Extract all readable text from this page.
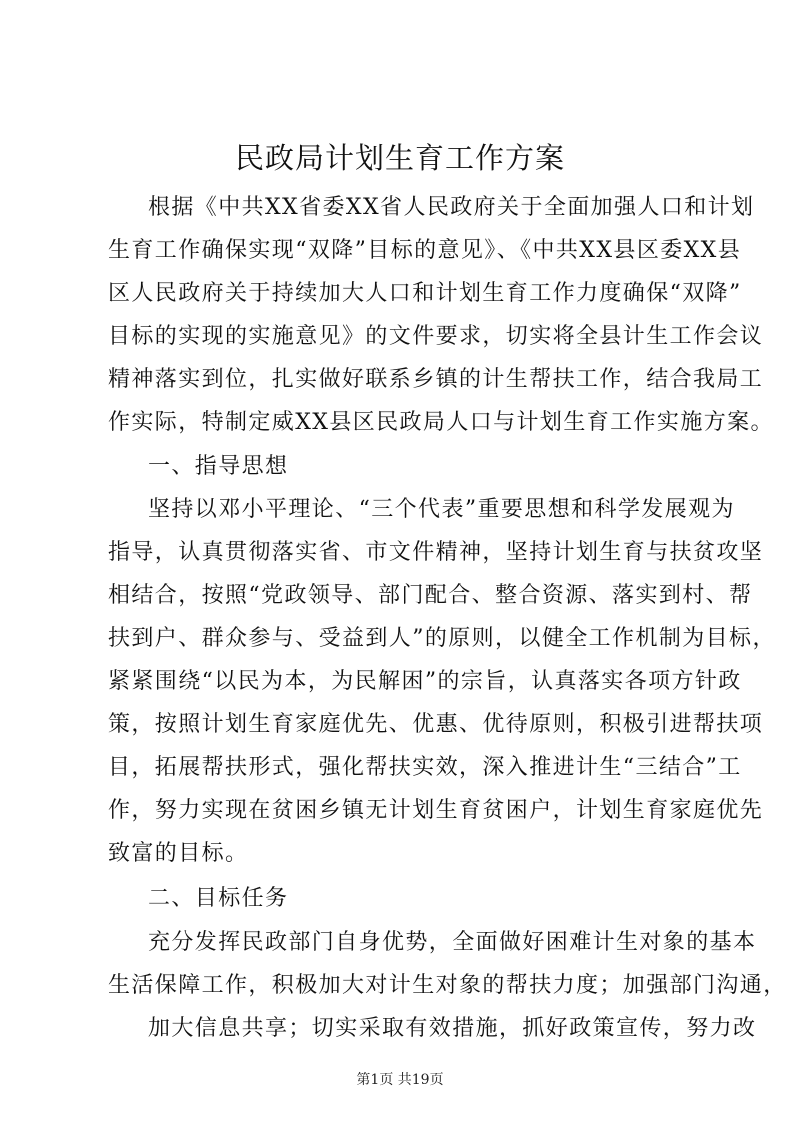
民政局计划生育工作方案
根据《中共XX省委XX省人民政府关于全面加强人口和计划
生育工作确保实现“双降”目标的意见》、《中共XX县区委XX县
区人民政府关于持续加大人口和计划生育工作力度确保“双降”
目标的实现的实施意见》的文件要求，切实将全县计生工作会议
精神落实到位，扎实做好联系乡镇的计生帮扶工作，结合我局工
作实际，特制定威XX县区民政局人口与计划生育工作实施方案。
一、指导思想
坚持以邓小平理论、“三个代表”重要思想和科学发展观为
指导，认真贯彻落实省、市文件精神，坚持计划生育与扶贫攻坚
相结合，按照“党政领导、部门配合、整合资源、落实到村、帮
扶到户、群众参与、受益到人”的原则，以健全工作机制为目标，
紧紧围绕“以民为本，为民解困”的宗旨，认真落实各项方针政
策，按照计划生育家庭优先、优惠、优待原则，积极引进帮扶项
目，拓展帮扶形式，强化帮扶实效，深入推进计生“三结合”工
作，努力实现在贫困乡镇无计划生育贫困户，计划生育家庭优先
致富的目标。
二、目标任务
充分发挥民政部门自身优势，全面做好困难计生对象的基本
生活保障工作，积极加大对计生对象的帮扶力度；加强部门沟通，
加大信息共享；切实采取有效措施，抓好政策宣传，努力改
第1页 共19页
